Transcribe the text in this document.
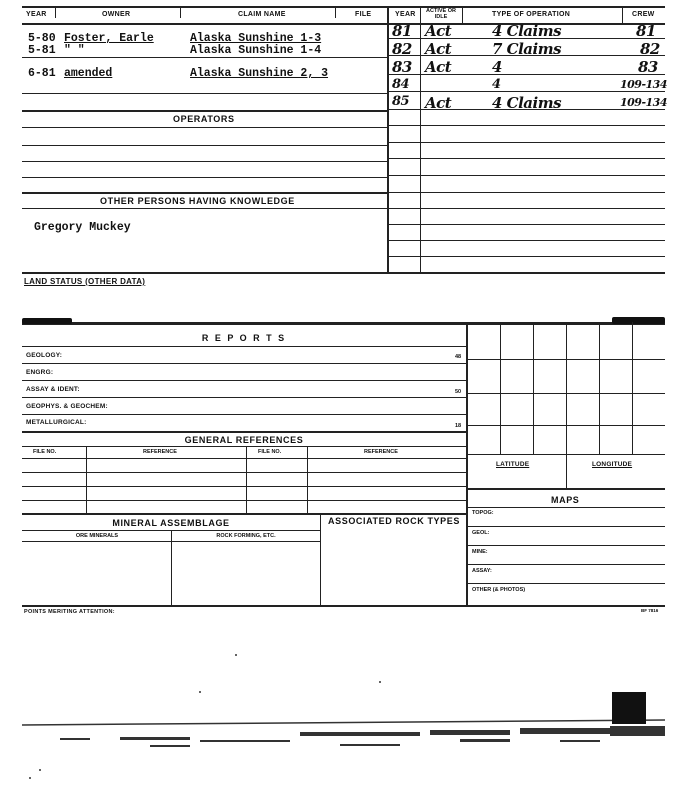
YEAR	OWNER	CLAIM NAME	FILE	YEAR	ACTIVE OR IDLE	TYPE OF OPERATION	CREW
5-80 Foster, Earle	Alaska Sunshine 1-3
5-81 " "	Alaska Sunshine 1-4
6-81 amended	Alaska Sunshine 2, 3
81 Act	4 Claims	81
82 Act	7 Claims	82
83 Act	4	83
84	4	109-134
85 Act	4 Claims	109-134
OPERATORS
OTHER PERSONS HAVING KNOWLEDGE
Gregory Muckey
LAND STATUS (OTHER DATA)
R E P O R T S
GEOLOGY:	48
ENGRG:
ASSAY & IDENT:	50
GEOPHYS. & GEOCHEM:
METALLURGICAL:	18
GENERAL REFERENCES
FILE NO.	REFERENCE	FILE NO.	REFERENCE
MINERAL ASSEMBLAGE	ASSOCIATED ROCK TYPES
ORE MINERALS	ROCK FORMING, ETC.
LATITUDE	LONGITUDE
MAPS
TOPOG:
GEOL:
MINE:
ASSAY:
OTHER (& PHOTOS)
POINTS MERITING ATTENTION:	BF 7816
